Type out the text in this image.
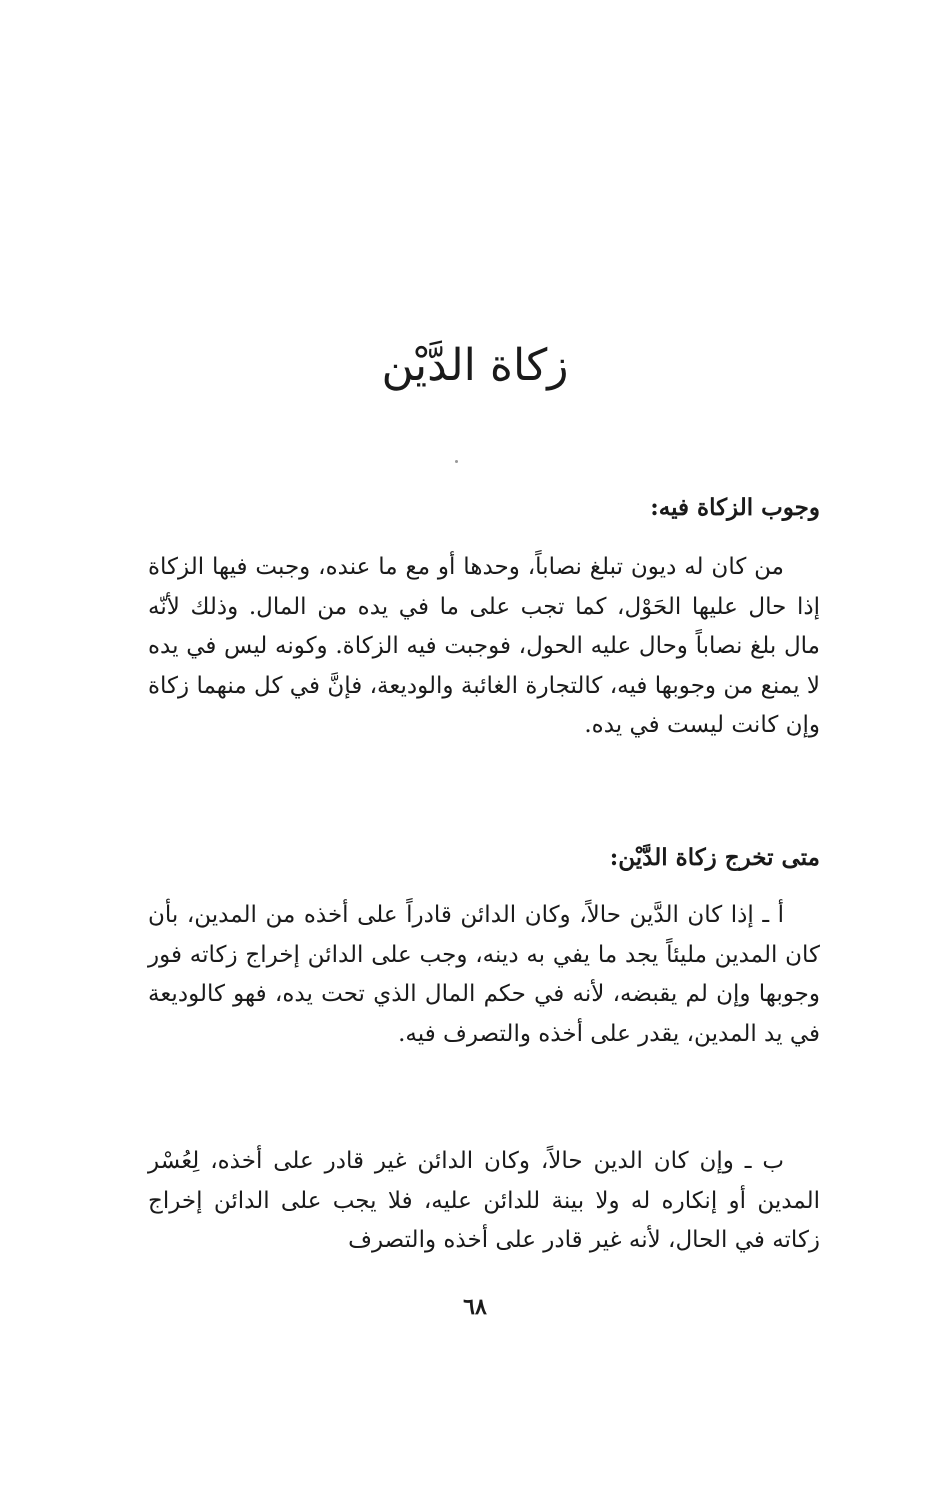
زكاة الدَّيْن
وجوب الزكاة فيه:

من كان له ديون تبلغ نصاباً، وحدها أو مع ما عنده، وجبت فيها الزكاة إذا حال عليها الحَوْل، كما تجب على ما في يده من المال. وذلك لأنّه مال بلغ نصاباً وحال عليه الحول، فوجبت فيه الزكاة. وكونه ليس في يده لا يمنع من وجوبها فيه، كالتجارة الغائبة والوديعة، فإنَّ في كل منهما زكاة وإن كانت ليست في يده.

متى تخرج زكاة الدَّيْن:

أ ـ إذا كان الدَّين حالاً، وكان الدائن قادراً على أخذه من المدين، بأن كان المدين مليئاً يجد ما يفي به دينه، وجب على الدائن إخراج زكاته فور وجوبها وإن لم يقبضه، لأنه في حكم المال الذي تحت يده، فهو كالوديعة في يد المدين، يقدر على أخذه والتصرف فيه.

ب ـ وإن كان الدين حالاً، وكان الدائن غير قادر على أخذه، لِعُسْر المدين أو إنكاره له ولا بينة للدائن عليه، فلا يجب على الدائن إخراج زكاته في الحال، لأنه غير قادر على أخذه والتصرف

٦٨
